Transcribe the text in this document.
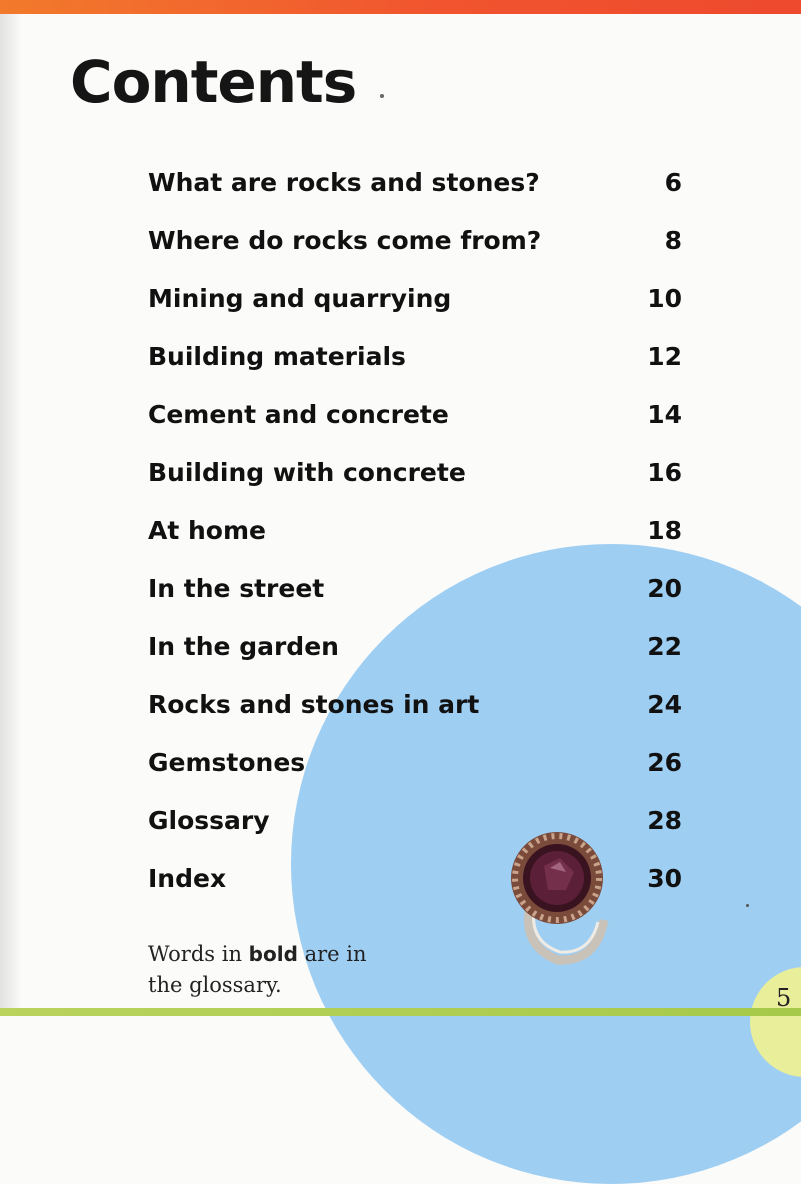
Contents
What are rocks and stones?	6
Where do rocks come from?	8
Mining and quarrying	10
Building materials	12
Cement and concrete	14
Building with concrete	16
At home	18
In the street	20
In the garden	22
Rocks and stones in art	24
Gemstones	26
Glossary	28
Index	30

Words in bold are in the glossary.	5
